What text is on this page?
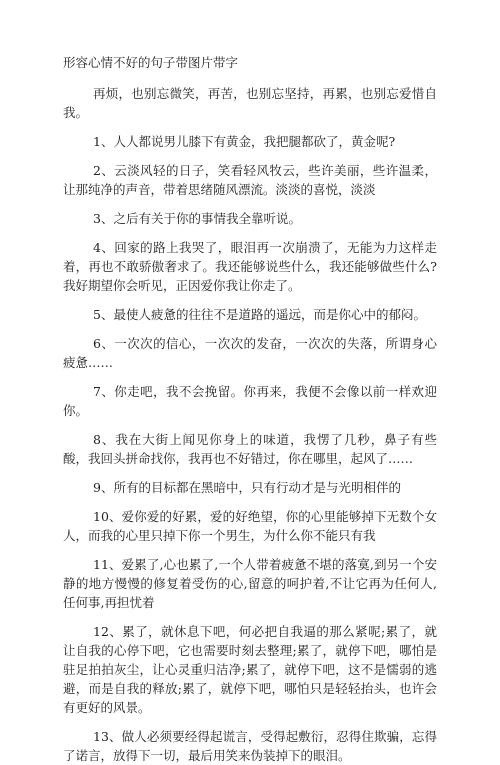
形容心情不好的句子带图片带字

再烦，也别忘微笑，再苦，也别忘坚持，再累，也别忘爱惜自我。

1、人人都说男儿膝下有黄金，我把腿都砍了，黄金呢?

2、云淡风轻的日子，笑看轻风牧云，些许美丽，些许温柔，让那纯净的声音，带着思绪随风漂流。淡淡的喜悦，淡淡

3、之后有关于你的事情我全靠听说。

4、回家的路上我哭了，眼泪再一次崩溃了，无能为力这样走着，再也不敢骄傲奢求了。我还能够说些什么，我还能够做些什么?我好期望你会听见，正因爱你我让你走了。

5、最使人疲惫的往往不是道路的遥远，而是你心中的郁闷。

6、一次次的信心，一次次的发奋，一次次的失落，所谓身心疲惫……

7、你走吧，我不会挽留。你再来，我便不会像以前一样欢迎你。

8、我在大街上闻见你身上的味道，我愣了几秒，鼻子有些酸，我回头拼命找你，我再也不好错过，你在哪里，起风了……

9、所有的目标都在黑暗中，只有行动才是与光明相伴的

10、爱你爱的好累，爱的好绝望，你的心里能够掉下无数个女人，而我的心里只掉下你一个男生，为什么你不能只有我

11、爱累了,心也累了,一个人带着疲惫不堪的落寞,到另一个安静的地方慢慢的修复着受伤的心,留意的呵护着,不让它再为任何人,任何事,再担忧着

12、累了，就休息下吧，何必把自我逼的那么紧呢;累了，就让自我的心停下吧，它也需要时刻去整理;累了，就停下吧，哪怕是驻足拍拍灰尘，让心灵重归洁净;累了，就停下吧，这不是懦弱的逃避，而是自我的释放;累了，就停下吧，哪怕只是轻轻抬头，也许会有更好的风景。

13、做人必须要经得起谎言，受得起敷衍，忍得住欺骗，忘得了诺言，放得下一切，最后用笑来伪装掉下的眼泪。
